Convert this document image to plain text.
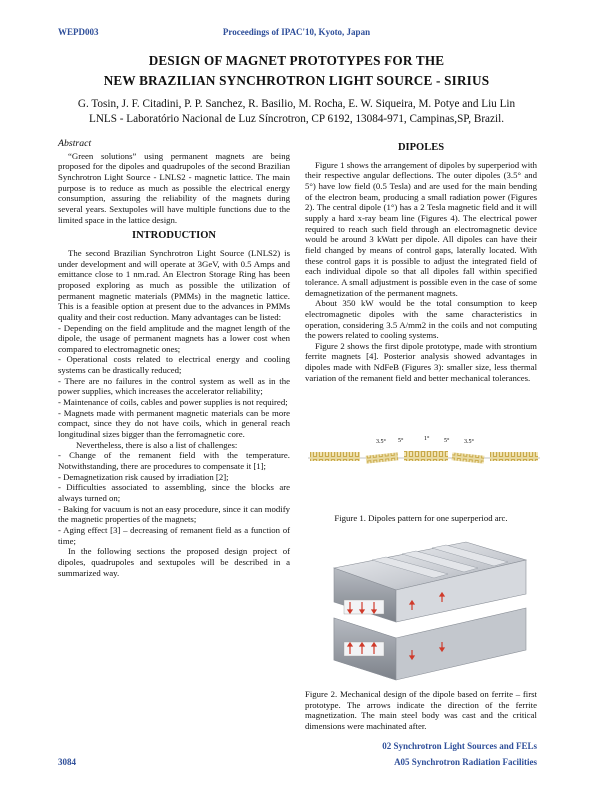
WEPD003	Proceedings of IPAC'10, Kyoto, Japan
DESIGN OF MAGNET PROTOTYPES FOR THE
NEW BRAZILIAN SYNCHROTRON LIGHT SOURCE - SIRIUS
G. Tosin, J. F. Citadini, P. P. Sanchez, R. Basilio, M. Rocha, E. W. Siqueira, M. Potye and Liu Lin
LNLS - Laboratório Nacional de Luz Síncrotron, CP 6192, 13084-971, Campinas,SP, Brazil.

Abstract

“Green solutions” using permanent magnets are being proposed for the dipoles and quadrupoles of the second Brazilian Synchrotron Light Source - LNLS2 - magnetic lattice. The main purpose is to reduce as much as possible the electrical energy consumption, assuring the reliability of the magnets during several years. Sextupoles will have multiple functions due to the limited space in the lattice design.

INTRODUCTION

The second Brazilian Synchrotron Light Source (LNLS2) is under development and will operate at 3GeV, with 0.5 Amps and emittance close to 1 nm.rad. An Electron Storage Ring has been proposed exploring as much as possible the utilization of permanent magnetic materials (PMMs) in the magnetic lattice. This is a feasible option at present due to the advances in PMMs quality and their cost reduction. Many advantages can be listed:

- Depending on the field amplitude and the magnet length of the dipole, the usage of permanent magnets has a lower cost when compared to electromagnetic ones;

- Operational costs related to electrical energy and cooling systems can be drastically reduced;

- There are no failures in the control system as well as in the power supplies, which increases the accelerator reliability;

- Maintenance of coils, cables and power supplies is not required;

- Magnets made with permanent magnetic materials can be more compact, since they do not have coils, which in general reach longitudinal sizes bigger than the ferromagnetic core.

Nevertheless, there is also a list of challenges:

- Change of the remanent field with the temperature. Notwithstanding, there are procedures to compensate it [1];

- Demagnetization risk caused by irradiation [2];

- Difficulties associated to assembling, since the blocks are always turned on;

- Baking for vacuum is not an easy procedure, since it can modify the magnetic properties of the magnets;

- Aging effect [3] – decreasing of remanent field as a function of time;

In the following sections the proposed design project of dipoles, quadrupoles and sextupoles will be described in a summarized way.

DIPOLES

Figure 1 shows the arrangement of dipoles by superperiod with their respective angular deflections. The outer dipoles (3.5° and 5°) have low field (0.5 Tesla) and are used for the main bending of the electron beam, producing a small radiation power (Figures 2). The central dipole (1°) has a 2 Tesla magnetic field and it will supply a hard x-ray beam line (Figures 4). The electrical power required to reach such field through an electromagnetic device would be around 3 kWatt per dipole. All dipoles can have their field changed by means of control gaps, laterally located. With these control gaps it is possible to adjust the integrated field of each individual dipole so that all dipoles fall within specified tolerance. A small adjustment is possible even in the case of some demagnetization of the permanent magnets.

About 350 kW would be the total consumption to keep electromagnetic dipoles with the same characteristics in operation, considering 3.5 A/mm2 in the coils and not computing the powers related to cooling systems.

Figure 2 shows the first dipole prototype, made with strontium ferrite magnets [4]. Posterior analysis showed advantages in dipoles made with NdFeB (Figures 3): smaller size, less thermal variation of the remanent field and better mechanical tolerances.

3.5° 5°	1° 5° 3.5°
Figure 1. Dipoles pattern for one superperiod arc.
Figure 2. Mechanical design of the dipole based on ferrite – first prototype. The arrows indicate the direction of the ferrite magnetization. The main steel body was cast and the critical dimensions were machinated after.
02 Synchrotron Light Sources and FELs
3084	A05 Synchrotron Radiation Facilities
